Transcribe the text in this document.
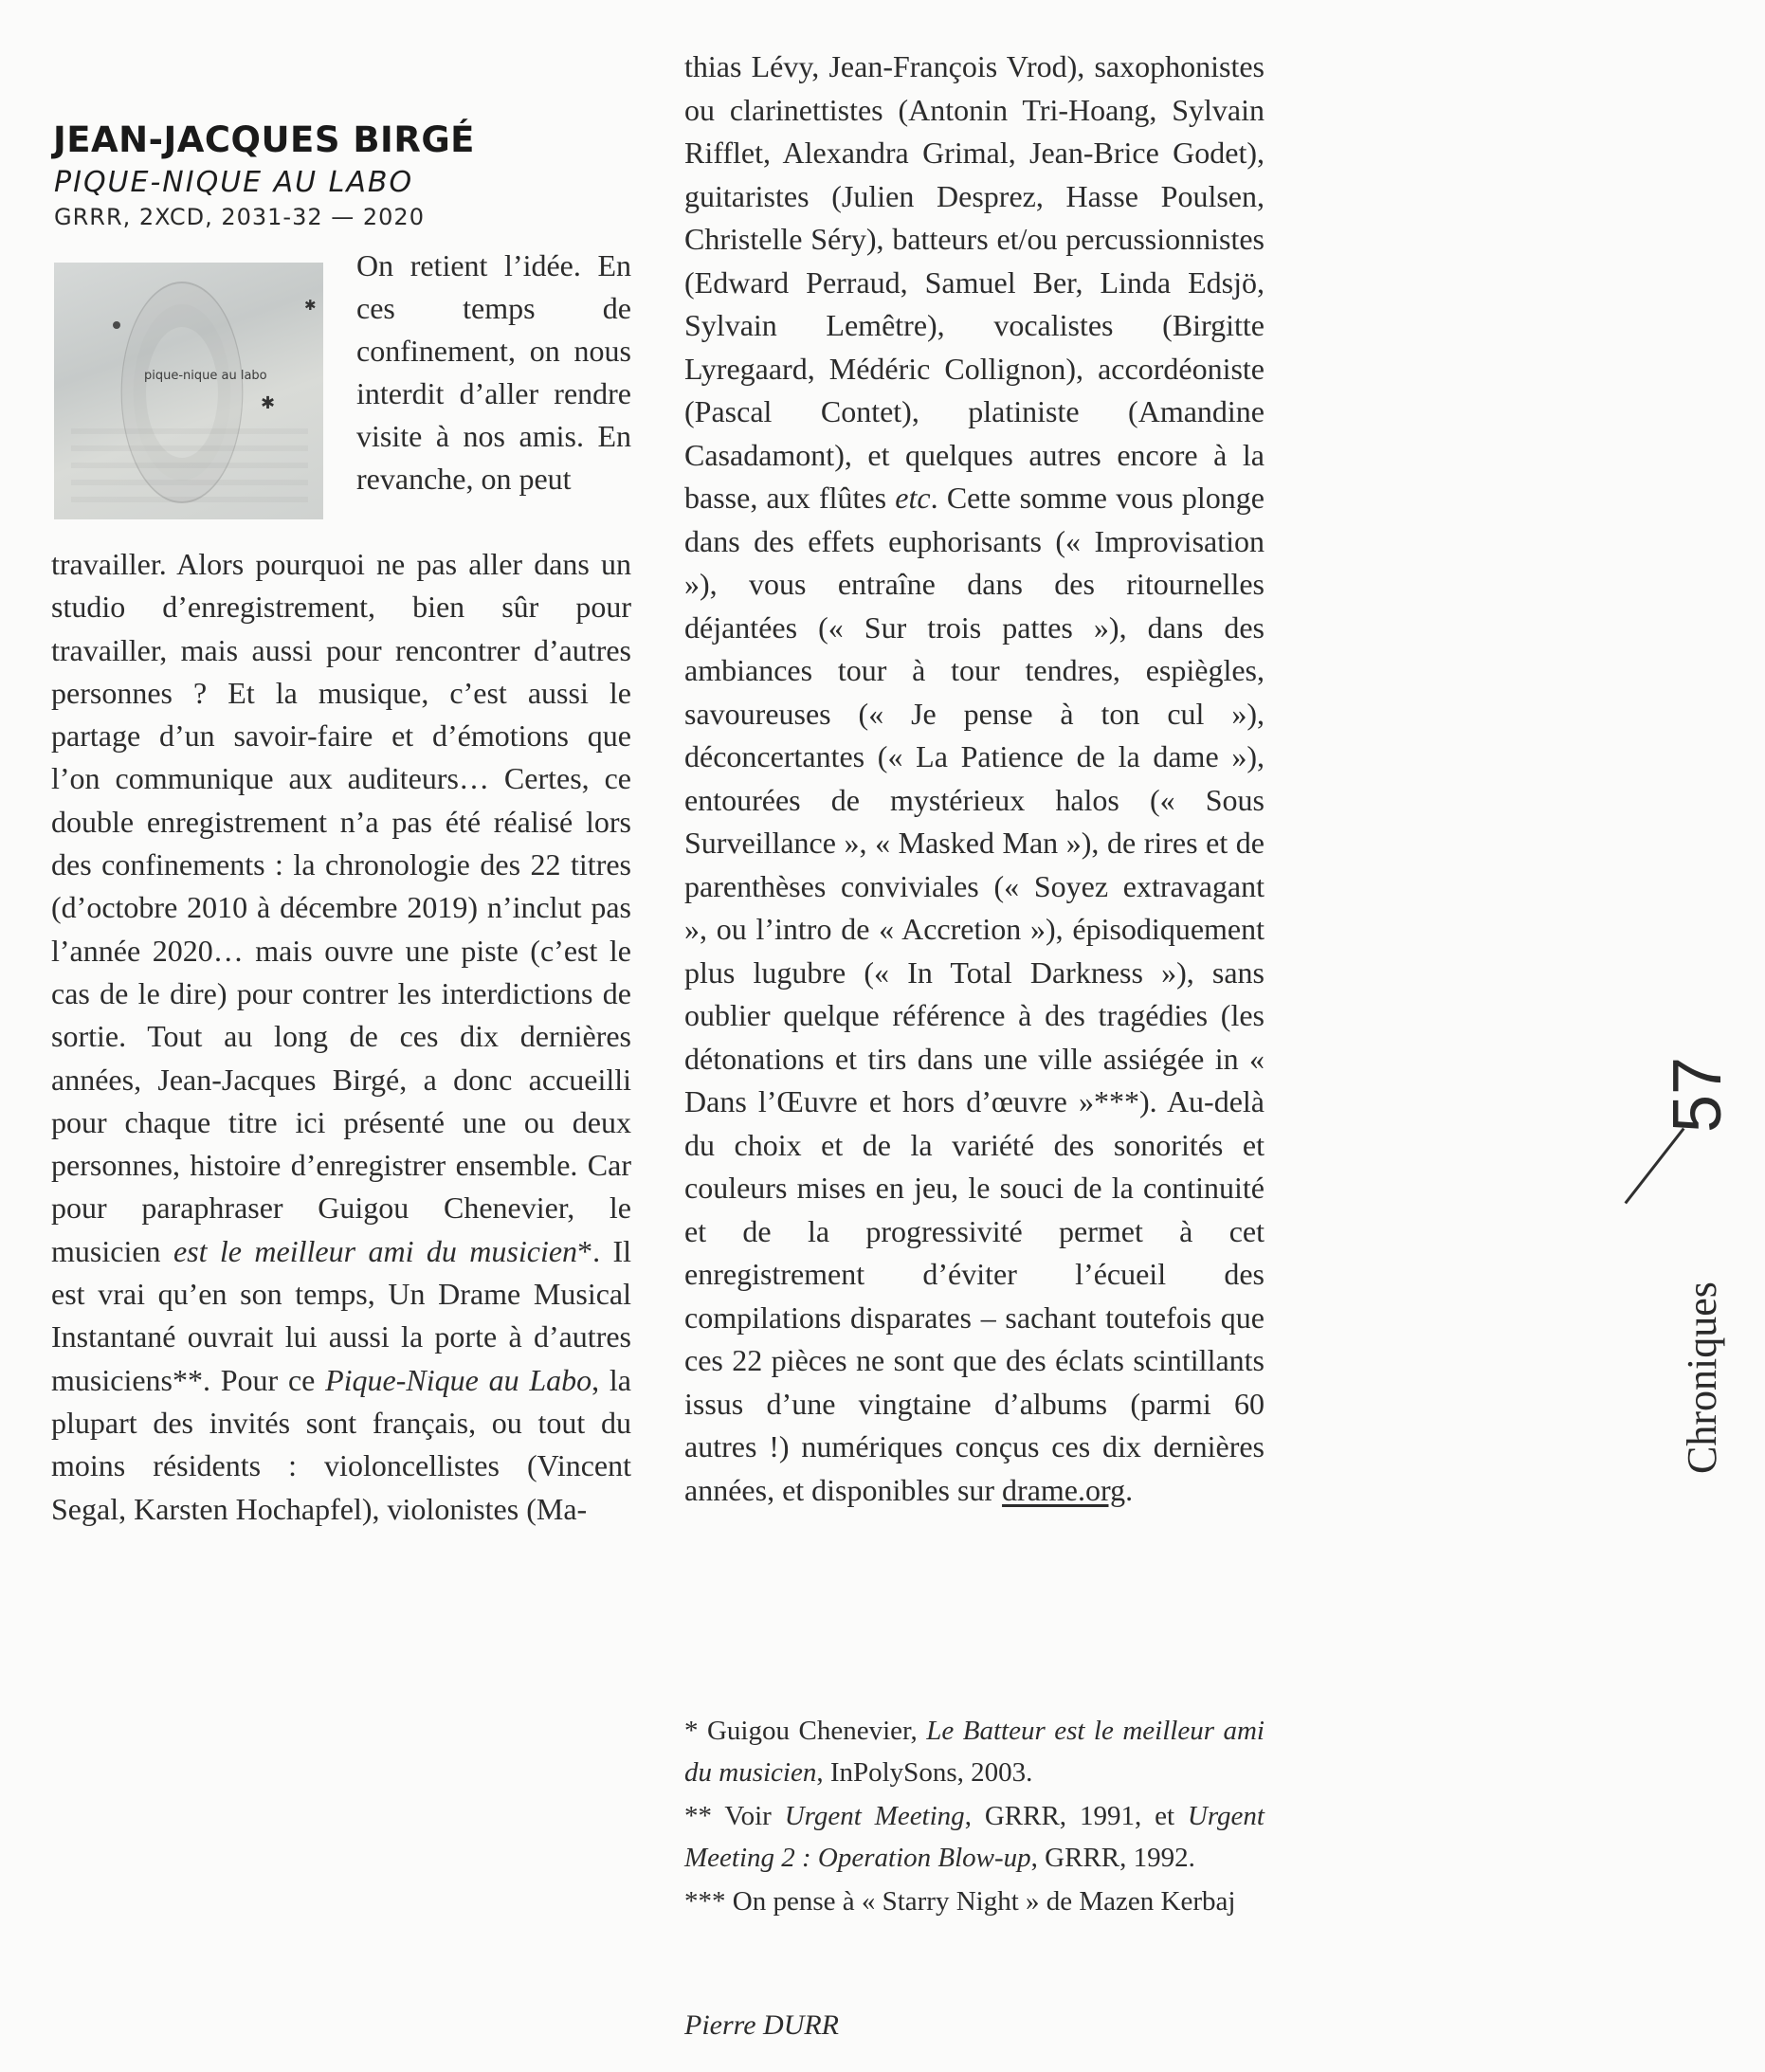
JEAN-JACQUES BIRGÉ
PIQUE-NIQUE AU LABO
GRRR, 2XCD, 2031-32 — 2020
pique-nique au labo
✱
✱

On retient l’idée. En ces temps de confinement, on nous interdit d’aller rendre visite à nos amis. En revanche, on peut

travailler. Alors pourquoi ne pas aller dans un studio d’enregistrement, bien sûr pour travailler, mais aussi pour rencontrer d’autres personnes ? Et la musique, c’est aussi le partage d’un savoir-faire et d’émotions que l’on communique aux auditeurs… Certes, ce double enregistrement n’a pas été réalisé lors des confinements : la chronologie des 22 titres (d’octobre 2010 à décembre 2019) n’inclut pas l’année 2020… mais ouvre une piste (c’est le cas de le dire) pour contrer les interdictions de sortie. Tout au long de ces dix dernières années, Jean-Jacques Birgé, a donc accueilli pour chaque titre ici présenté une ou deux personnes, histoire d’enregistrer ensemble. Car pour paraphraser Guigou Chenevier, le musicien est le meilleur ami du musicien*. Il est vrai qu’en son temps, Un Drame Musical Instantané ouvrait lui aussi la porte à d’autres musiciens**. Pour ce Pique-Nique au Labo, la plupart des invités sont français, ou tout du moins résidents : violoncellistes (Vincent Segal, Karsten Hochapfel), violonistes (Ma-

thias Lévy, Jean-François Vrod), saxophonistes ou clarinettistes (Antonin Tri-Hoang, Sylvain Rifflet, Alexandra Grimal, Jean-Brice Godet), guitaristes (Julien Desprez, Hasse Poulsen, Christelle Séry), batteurs et/ou percussionnistes (Edward Perraud, Samuel Ber, Linda Edsjö, Sylvain Lemêtre), vocalistes (Birgitte Lyregaard, Médéric Collignon), accordéoniste (Pascal Contet), platiniste (Amandine Casadamont), et quelques autres encore à la basse, aux flûtes etc. Cette somme vous plonge dans des effets euphorisants (« Improvisation »), vous entraîne dans des ritournelles déjantées (« Sur trois pattes »), dans des ambiances tour à tour tendres, espiègles, savoureuses (« Je pense à ton cul »), déconcertantes (« La Patience de la dame »), entourées de mystérieux halos (« Sous Surveillance », « Masked Man »), de rires et de parenthèses conviviales (« Soyez extravagant », ou l’intro de « Accretion »), épisodiquement plus lugubre (« In Total Darkness »), sans oublier quelque référence à des tragédies (les détonations et tirs dans une ville assiégée in « Dans l’Œuvre et hors d’œuvre »***). Au-delà du choix et de la variété des sonorités et couleurs mises en jeu, le souci de la continuité et de la progressivité permet à cet enregistrement d’éviter l’écueil des compilations disparates – sachant toutefois que ces 22 pièces ne sont que des éclats scintillants issus d’une vingtaine d’albums (parmi 60 autres !) numériques conçus ces dix dernières années, et disponibles sur drame.org.

* Guigou Chenevier, Le Batteur est le meilleur ami du musicien, InPolySons, 2003.

** Voir Urgent Meeting, GRRR, 1991, et Urgent Meeting 2 : Operation Blow-up, GRRR, 1992.

*** On pense à « Starry Night » de Mazen Kerbaj

Pierre DURR
57
Chroniques
